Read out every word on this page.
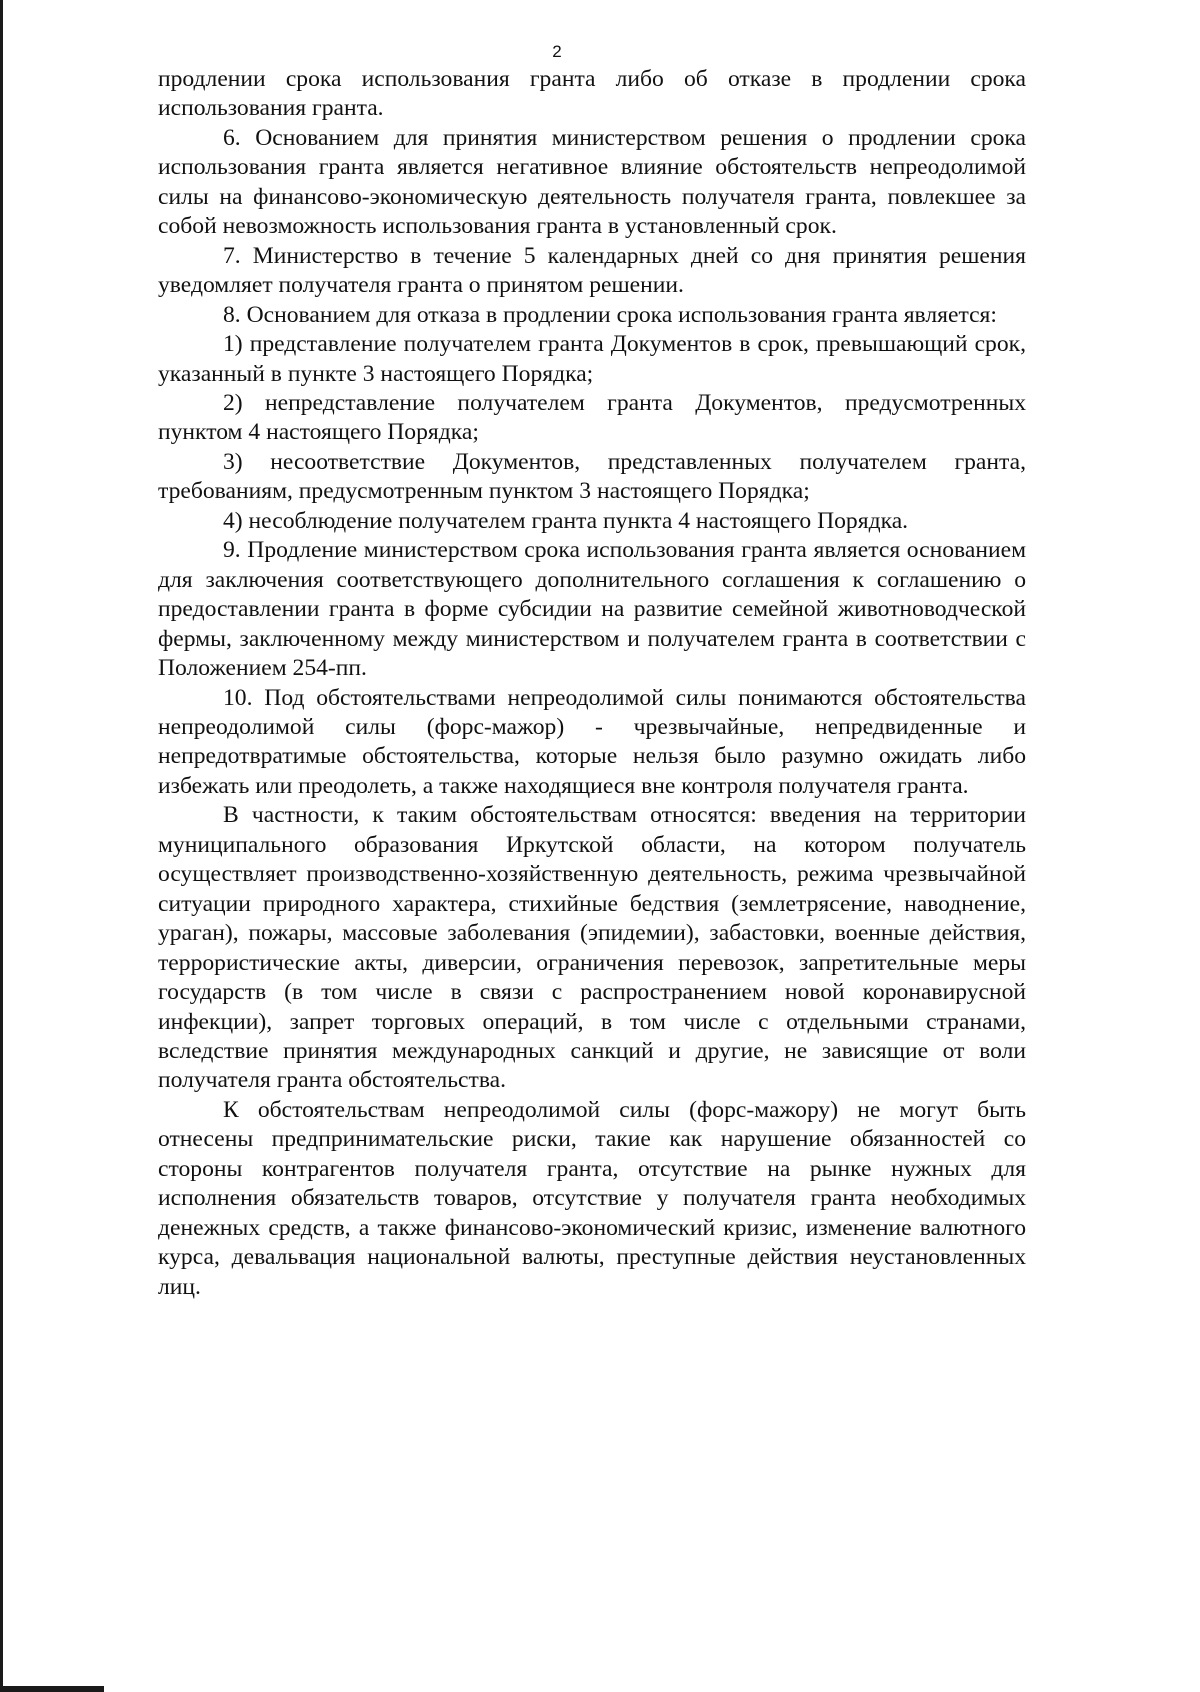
2

продлении срока использования гранта либо об отказе в продлении срока использования гранта.

6. Основанием для принятия министерством решения о продлении срока использования гранта является негативное влияние обстоятельств непреодолимой силы на финансово-экономическую деятельность получателя гранта, повлекшее за собой невозможность использования гранта в установленный срок.

7. Министерство в течение 5 календарных дней со дня принятия решения уведомляет получателя гранта о принятом решении.

8. Основанием для отказа в продлении срока использования гранта является:

1) представление получателем гранта Документов в срок, превышающий срок, указанный в пункте 3 настоящего Порядка;

2) непредставление получателем гранта Документов, предусмотренных пунктом 4 настоящего Порядка;

3) несоответствие Документов, представленных получателем гранта, требованиям, предусмотренным пунктом 3 настоящего Порядка;

4) несоблюдение получателем гранта пункта 4 настоящего Порядка.

9. Продление министерством срока использования гранта является основанием для заключения соответствующего дополнительного соглашения к соглашению о предоставлении гранта в форме субсидии на развитие семейной животноводческой фермы, заключенному между министерством и получателем гранта в соответствии с Положением 254-пп.

10. Под обстоятельствами непреодолимой силы понимаются обстоятельства непреодолимой силы (форс-мажор) - чрезвычайные, непредвиденные и непредотвратимые обстоятельства, которые нельзя было разумно ожидать либо избежать или преодолеть, а также находящиеся вне контроля получателя гранта.

В частности, к таким обстоятельствам относятся: введения на территории муниципального образования Иркутской области, на котором получатель осуществляет производственно-хозяйственную деятельность, режима чрезвычайной ситуации природного характера, стихийные бедствия (землетрясение, наводнение, ураган), пожары, массовые заболевания (эпидемии), забастовки, военные действия, террористические акты, диверсии, ограничения перевозок, запретительные меры государств (в том числе в связи с распространением новой коронавирусной инфекции), запрет торговых операций, в том числе с отдельными странами, вследствие принятия международных санкций и другие, не зависящие от воли получателя гранта обстоятельства.

К обстоятельствам непреодолимой силы (форс-мажору) не могут быть отнесены предпринимательские риски, такие как нарушение обязанностей со стороны контрагентов получателя гранта, отсутствие на рынке нужных для исполнения обязательств товаров, отсутствие у получателя гранта необходимых денежных средств, а также финансово-экономический кризис, изменение валютного курса, девальвация национальной валюты, преступные действия неустановленных лиц.
